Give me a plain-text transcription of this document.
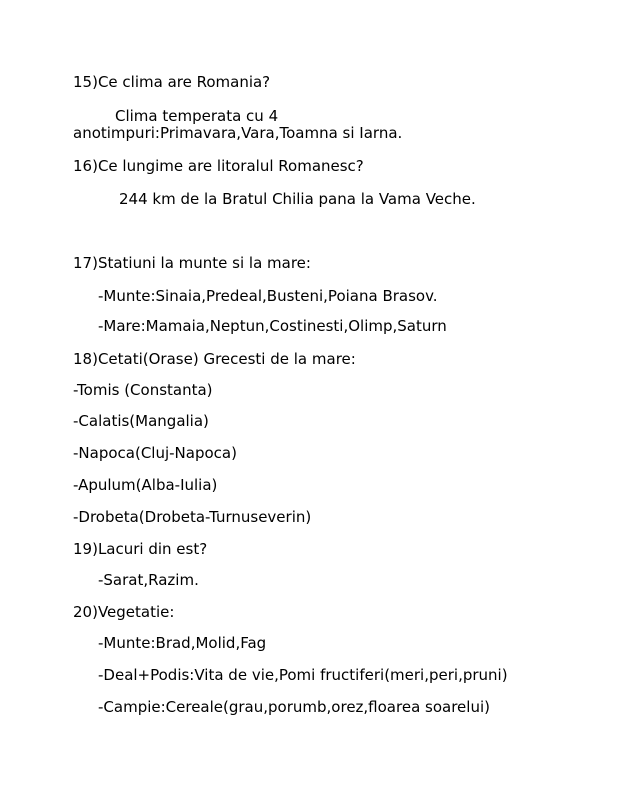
15)Ce clima are Romania?
Clima temperata cu 4
anotimpuri:Primavara,Vara,Toamna si Iarna.
16)Ce lungime are litoralul Romanesc?
244 km de la Bratul Chilia pana la Vama Veche.
17)Statiuni la munte si la mare:
-Munte:Sinaia,Predeal,Busteni,Poiana Brasov.
-Mare:Mamaia,Neptun,Costinesti,Olimp,Saturn
18)Cetati(Orase) Grecesti de la mare:
-Tomis (Constanta)
-Calatis(Mangalia)
-Napoca(Cluj-Napoca)
-Apulum(Alba-Iulia)
-Drobeta(Drobeta-Turnuseverin)
19)Lacuri din est?
-Sarat,Razim.
20)Vegetatie:
-Munte:Brad,Molid,Fag
-Deal+Podis:Vita de vie,Pomi fructiferi(meri,peri,pruni)
-Campie:Cereale(grau,porumb,orez,floarea soarelui)
